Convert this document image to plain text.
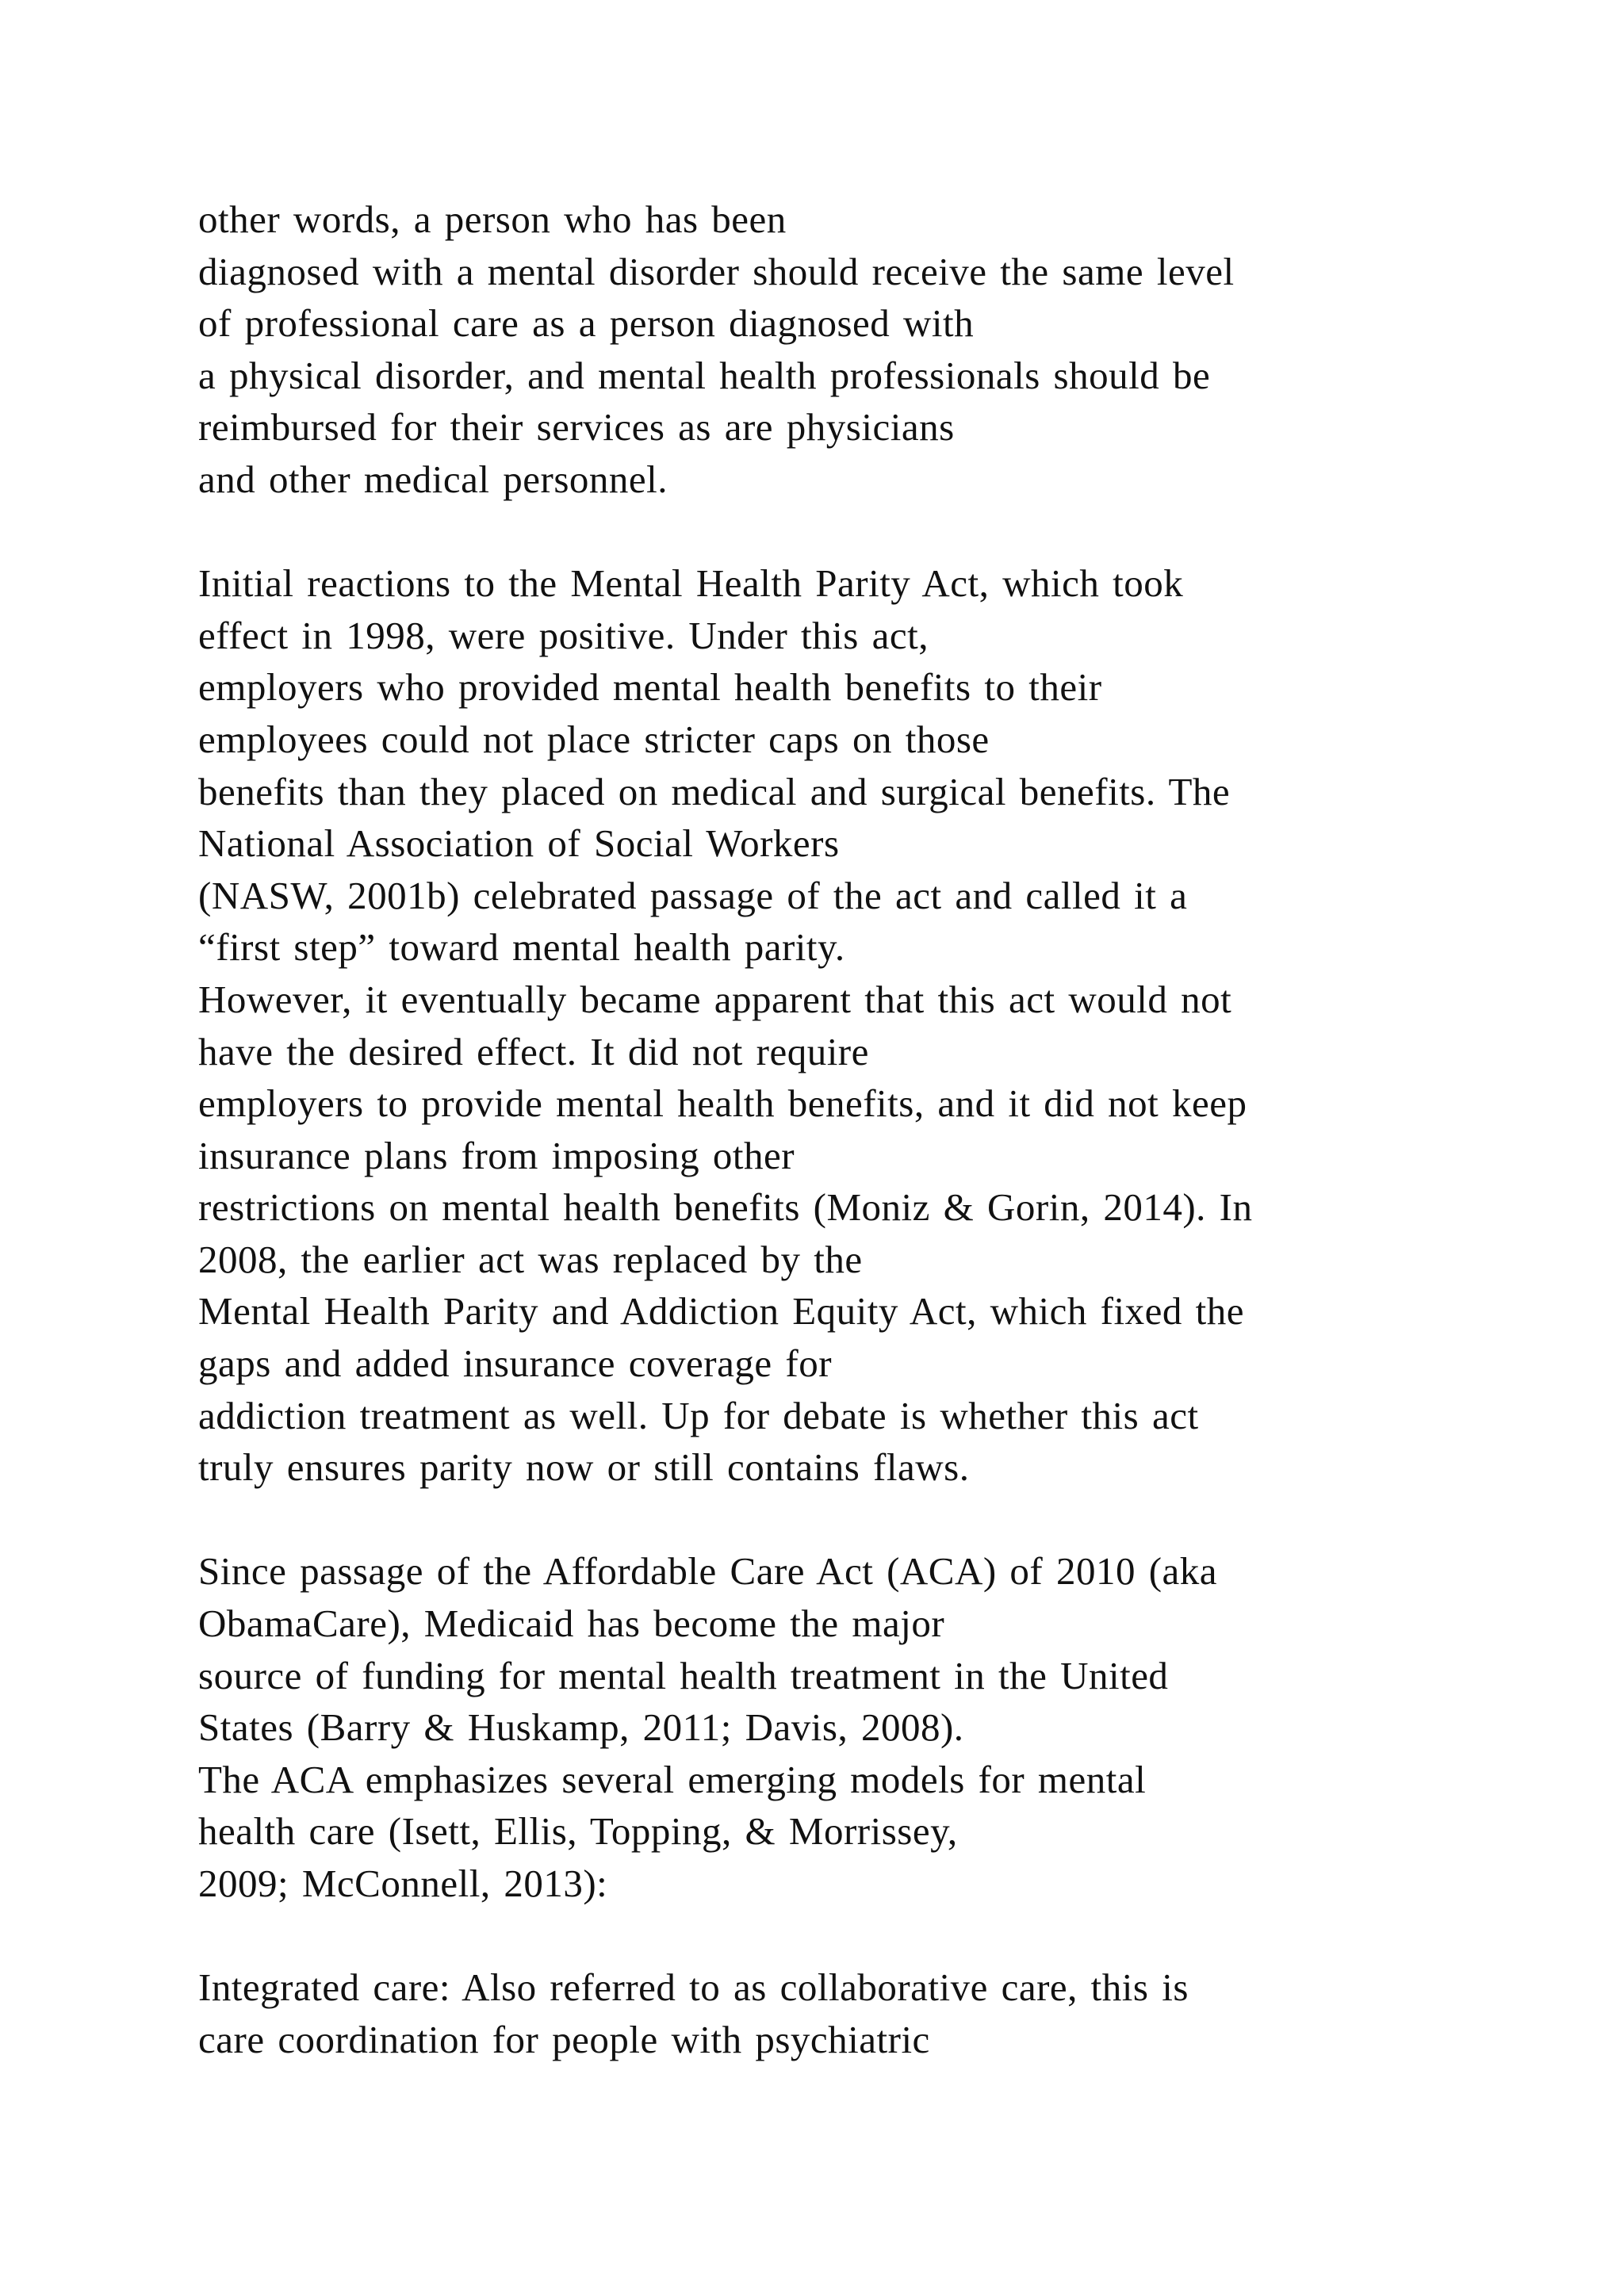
other words, a person who has been
diagnosed with a mental disorder should receive the same level
of professional care as a person diagnosed with
a physical disorder, and mental health professionals should be
reimbursed for their services as are physicians
and other medical personnel.
Initial reactions to the Mental Health Parity Act, which took
effect in 1998, were positive. Under this act,
employers who provided mental health benefits to their
employees could not place stricter caps on those
benefits than they placed on medical and surgical benefits. The
National Association of Social Workers
(NASW, 2001b) celebrated passage of the act and called it a
“first step” toward mental health parity.
However, it eventually became apparent that this act would not
have the desired effect. It did not require
employers to provide mental health benefits, and it did not keep
insurance plans from imposing other
restrictions on mental health benefits (Moniz & Gorin, 2014). In
2008, the earlier act was replaced by the
Mental Health Parity and Addiction Equity Act, which fixed the
gaps and added insurance coverage for
addiction treatment as well. Up for debate is whether this act
truly ensures parity now or still contains flaws.
Since passage of the Affordable Care Act (ACA) of 2010 (aka
ObamaCare), Medicaid has become the major
source of funding for mental health treatment in the United
States (Barry & Huskamp, 2011; Davis, 2008).
The ACA emphasizes several emerging models for mental
health care (Isett, Ellis, Topping, & Morrissey,
2009; McConnell, 2013):
Integrated care: Also referred to as collaborative care, this is
care coordination for people with psychiatric
